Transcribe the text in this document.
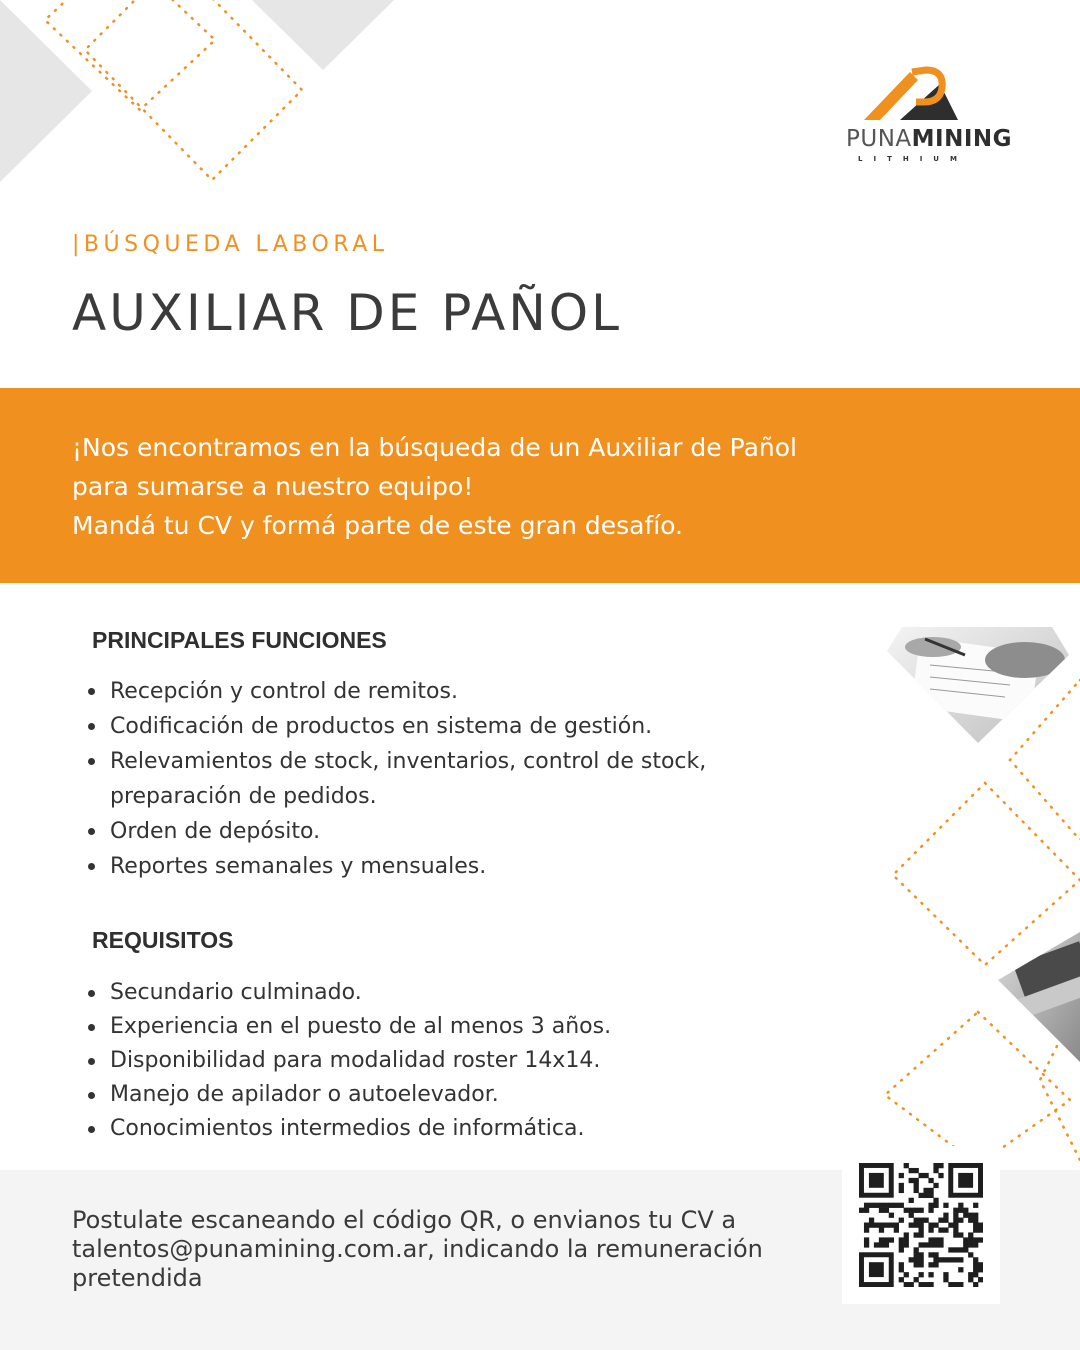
PUNAMINING
LITHIUM
|BÚSQUEDA LABORAL
AUXILIAR DE PAÑOL

¡Nos encontramos en la búsqueda de un Auxiliar de Pañol
para sumarse a nuestro equipo!
Mandá tu CV y formá parte de este gran desafío.

PRINCIPALES FUNCIONES
Recepción y control de remitos.
Codificación de productos en sistema de gestión.
Relevamientos de stock, inventarios, control de stock,
preparación de pedidos.
Orden de depósito.
Reportes semanales y mensuales.
REQUISITOS
Secundario culminado.
Experiencia en el puesto de al menos 3 años.
Disponibilidad para modalidad roster 14x14.
Manejo de apilador o autoelevador.
Conocimientos intermedios de informática.

Postulate escaneando el código QR, o envianos tu CV a talentos@punamining.com.ar, indicando la remuneración pretendida
